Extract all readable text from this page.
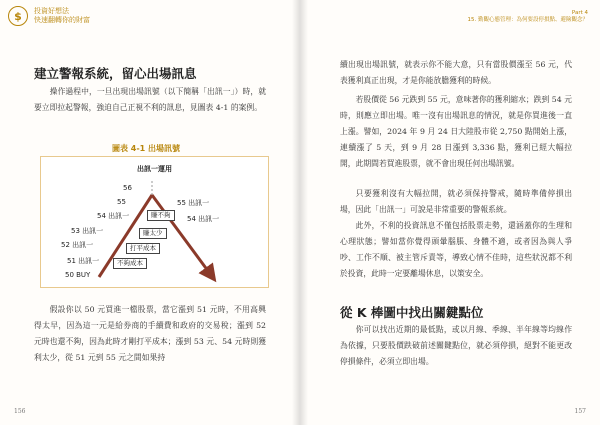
$	投資好想法
快速翻轉你的財富
建立警報系統，留心出場訊息
操作過程中，一旦出現出場訊號（以下簡稱「出訊一」）時，就要立即拉起警報，強迫自己正視不利的訊息，見圖表 4-1 的案例。
圖表 4-1 出場訊號
出訊一運用
56
55
54 出訊一
53 出訊一
52 出訊一
51 出訊一
50 BUY
55 出訊一
54 出訊一
賺不夠
賺太少
打平成本
不夠成本
假設你以 50 元買進一檔股票，當它漲到 51 元時，不用高興得太早，因為這一元是給券商的手續費和政府的交易稅；漲到 52 元時也還不夠，因為此時才剛打平成本；漲到 53 元、54 元時則獲利太少，從 51 元到 55 元之間如果持
156
Part 4
15. 勤觀心態管理：為何要設停損點、避險觀念？
續出現出場訊號，就表示你不能大意，只有當股價漲至 56 元，代表獲利真正出現，才是你能放膽獲利的時候。
若股價從 56 元跌到 55 元，意味著你的獲利縮水；跌到 54 元時，則應立即出場。唯一沒有出場訊息的情況，就是你買進後一直上漲。譬如，2024 年 9 月 24 日大陸股市從 2,750 點開始上漲，連續漲了 5 天，到 9 月 28 日漲到 3,336 點，獲利已經大幅拉開，此期間若買進股票，就不會出現任何出場訊號。
只要獲利沒有大幅拉開，就必須保持警戒，隨時準備停損出場，因此「出訊一」可說是非常重要的警報系統。
此外，不利的投資訊息不僅包括股票走勢，還涵蓋你的生理和心理狀態；譬如當你覺得頭暈腦脹、身體不適，或者因為與人爭吵、工作不順、被主管斥責等，導致心情不佳時，這些狀況都不利於投資，此時一定要離場休息，以策安全。
從 K 棒圖中找出關鍵點位
你可以找出近期的最低點，或以月線、季線、半年線等均線作為依據，只要股價跌破前述關鍵點位，就必須停損，絕對不能更改停損條件，必須立即出場。
157
